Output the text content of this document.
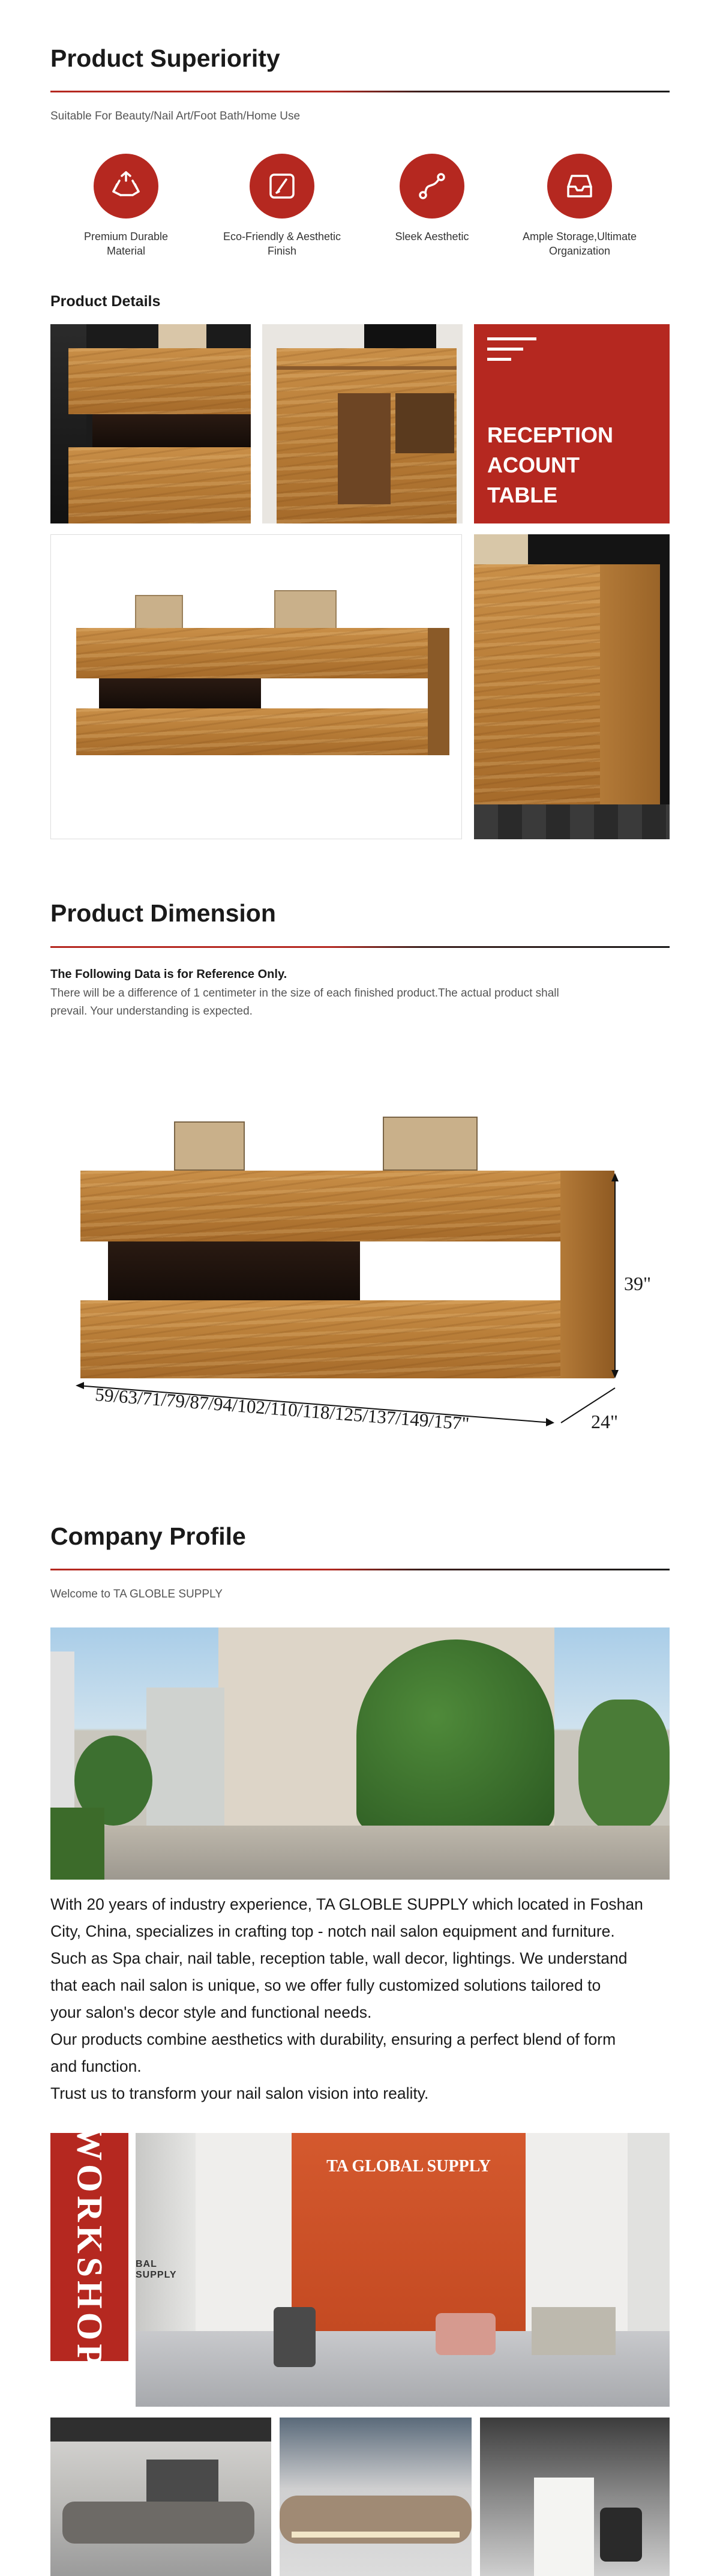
Product Superiority
Suitable For Beauty/Nail Art/Foot Bath/Home Use
Premium Durable
Material
Eco-Friendly & Aesthetic
Finish
Sleek Aesthetic	Ample Storage,Ultimate
Organization
Product Details
RECEPTION
ACOUNT
TABLE
Product Dimension
The Following Data is for Reference Only.
There will be a difference of 1 centimeter in the size of each finished product.The actual product shall
prevail. Your understanding is expected.
39"
24"
59/63/71/79/87/94/102/110/118/125/137/149/157"
Company Profile
Welcome to TA GLOBLE SUPPLY
With 20 years of industry experience, TA GLOBLE SUPPLY which located in Foshan
City, China, specializes in crafting top - notch nail salon equipment and furniture.
Such as Spa chair, nail table, reception table, wall decor, lightings. We understand
that each nail salon is unique, so we offer fully customized solutions tailored to
your salon's decor style and functional needs.
Our products combine aesthetics with durability, ensuring a perfect blend of form
and function.
Trust us to transform your nail salon vision into reality.
WORKSHOP	BAL SUPPLY
TA GLOBAL SUPPLY
